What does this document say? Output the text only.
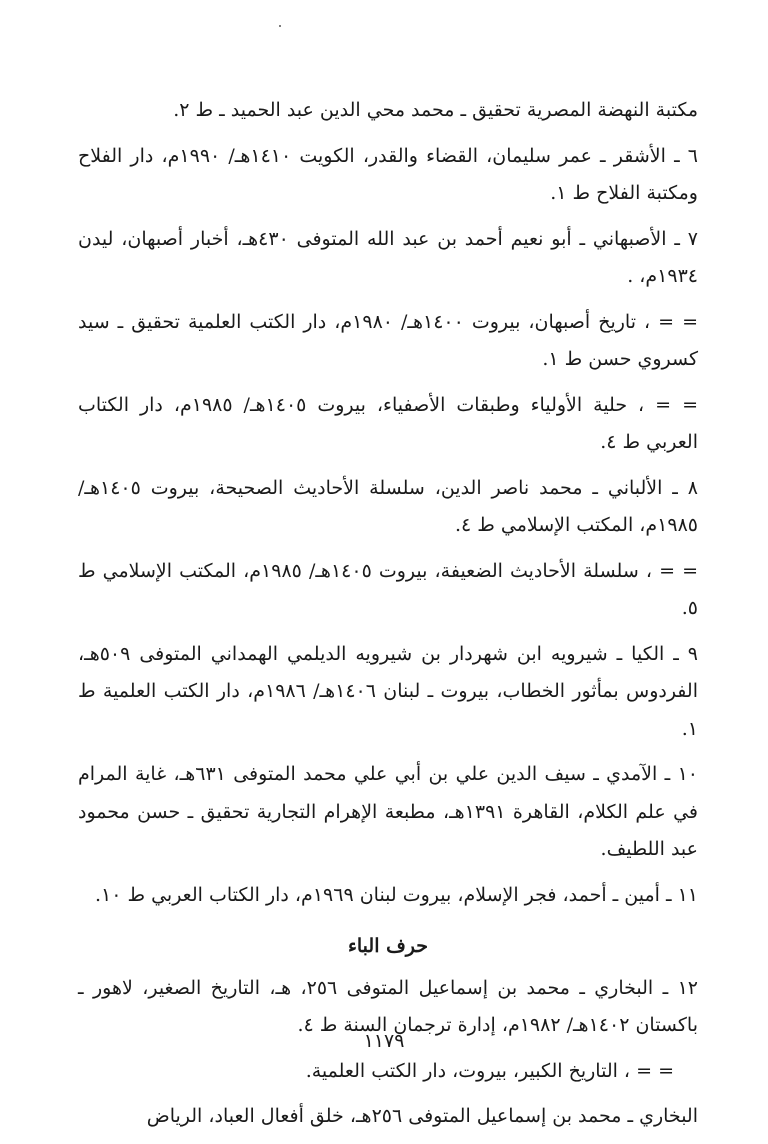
مكتبة النهضة المصرية تحقيق ـ محمد محي الدين عبد الحميد ـ ط ٢.
٦ ـ الأشقر ـ عمر سليمان، القضاء والقدر، الكويت ١٤١٠هـ/ ١٩٩٠م، دار الفلاح ومكتبة الفلاح ط ١.
٧ ـ الأصبهاني ـ أبو نعيم أحمد بن عبد الله المتوفى ٤٣٠هـ، أخبار أصبهان، ليدن ١٩٣٤م، .
= = ، تاريخ أصبهان، بيروت ١٤٠٠هـ/ ١٩٨٠م، دار الكتب العلمية تحقيق ـ سيد كسروي حسن ط ١.
= = ، حلية الأولياء وطبقات الأصفياء، بيروت ١٤٠٥هـ/ ١٩٨٥م، دار الكتاب العربي ط ٤.
٨ ـ الألباني ـ محمد ناصر الدين، سلسلة الأحاديث الصحيحة، بيروت ١٤٠٥هـ/ ١٩٨٥م، المكتب الإسلامي ط ٤.
= = ، سلسلة الأحاديث الضعيفة، بيروت ١٤٠٥هـ/ ١٩٨٥م، المكتب الإسلامي ط ٥.
٩ ـ الكيا ـ شيرويه ابن شهردار بن شيرويه الديلمي الهمداني المتوفى ٥٠٩هـ، الفردوس بمأثور الخطاب، بيروت ـ لبنان ١٤٠٦هـ/ ١٩٨٦م، دار الكتب العلمية ط ١.
١٠ ـ الآمدي ـ سيف الدين علي بن أبي علي محمد المتوفى ٦٣١هـ، غاية المرام في علم الكلام، القاهرة ١٣٩١هـ، مطبعة الإهرام التجارية تحقيق ـ حسن محمود عبد اللطيف.
١١ ـ أمين ـ أحمد، فجر الإسلام، بيروت لبنان ١٩٦٩م، دار الكتاب العربي ط ١٠.
حرف الباء
١٢ ـ البخاري ـ محمد بن إسماعيل المتوفى ٢٥٦، هـ، التاريخ الصغير، لاهور ـ باكستان ١٤٠٢هـ/ ١٩٨٢م، إدارة ترجمان السنة ط ٤.
= = ، التاريخ الكبير، بيروت، دار الكتب العلمية.
البخاري ـ محمد بن إسماعيل المتوفى ٢٥٦هـ، خلق أفعال العباد، الرياض
١١٧٩
